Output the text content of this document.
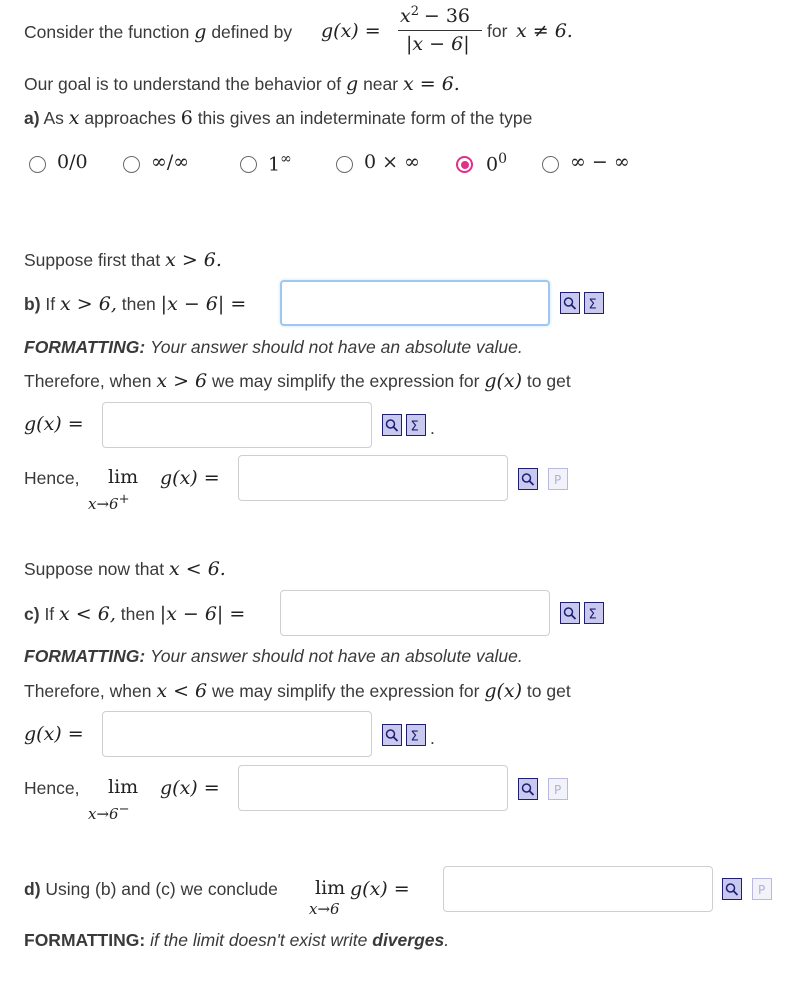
Consider the function g defined by g(x) =
$x^2 - 36$
|x − 6|
for x ≠ 6.
Our goal is to understand the behavior of g near x = 6.
a) As x approaches 6 this gives an indeterminate form of the type
0/0	∞/∞	1∞	0 × ∞	$0^0$	∞ − ∞
Suppose first that x > 6.
b) If x > 6, then |x − 6| =	Σ
FORMATTING: Your answer should not have an absolute value.
Therefore, when x > 6 we may simplify the expression for g(x) to get
g(x) =	Σ .
Hence, lim g(x) =
x→6+
P
Suppose now that x < 6.
c) If x < 6, then |x − 6| =	Σ
FORMATTING: Your answer should not have an absolute value.
Therefore, when x < 6 we may simplify the expression for g(x) to get
g(x) =	Σ .
Hence, lim g(x) =
x→6−
P
d) Using (b) and (c) we conclude lim g(x) =
x→6
P
FORMATTING: if the limit doesn't exist write diverges.
